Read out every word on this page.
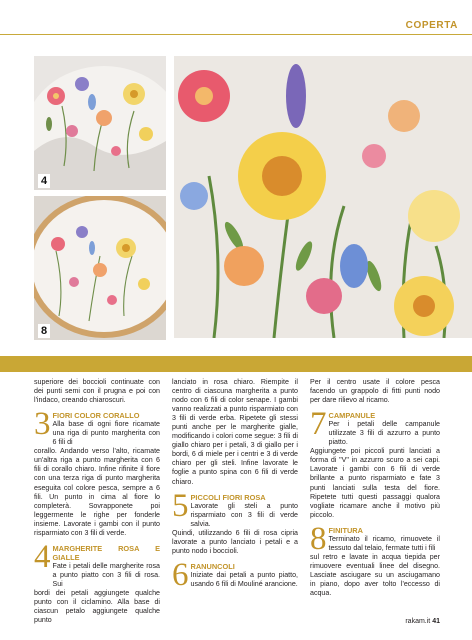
COPERTA
4
8

superiore dei boccioli continuate con dei punti semi con il prugna e poi con l'indaco, creando chiaroscuri.

3 FIORI COLOR CORALLO
Alla base di ogni fiore ricamate una riga di punto margherita con 6 fili di
corallo. Andando verso l'alto, ricamate un'altra riga a punto margherita con 6 fili di corallo chiaro. Infine rifinite il fiore con una terza riga di punto margherita eseguita col colore pesca, sempre a 6 fili. Un punto in cima al fiore lo completerà. Sovrapponete poi leggermente le righe per fonderle insieme. Lavorate i gambi con il punto risparmiato con 3 fili di verde.
4 MARGHERITE ROSA E GIALLE
Fate i petali delle margherite rosa a punto piatto con 3 fili di rosa. Sui
bordi dei petali aggiungete qualche punto con il ciclamino. Alla base di ciascun petalo aggiungete qualche punto

lanciato in rosa chiaro. Riempite il centro di ciascuna margherita a punto nodo con 6 fili di color senape. I gambi vanno realizzati a punto risparmiato con 3 fili di verde erba. Ripetete gli stessi punti anche per le margherite gialle, modificando i colori come segue: 3 fili di giallo chiaro per i petali, 3 di giallo per i bordi, 6 di miele per i centri e 3 di verde chiaro per gli steli. Infine lavorate le foglie a punto spina con 6 fili di verde chiaro.

5 PICCOLI FIORI ROSA
Lavorate gli steli a punto risparmiato con 3 fili di verde salvia.
Quindi, utilizzando 6 fili di rosa cipria lavorate a punto lanciato i petali e a punto nodo i boccioli.
6 RANUNCOLI
Iniziate dai petali a punto piatto, usando 6 fili di Mouliné arancione.

Per il centro usate il colore pesca facendo un grappolo di fitti punti nodo per dare rilievo al ricamo.

7 CAMPANULE
Per i petali delle campanule utilizzate 3 fili di azzurro a punto piatto.
Aggiungete poi piccoli punti lanciati a forma di "V" in azzurro scuro a sei capi. Lavorate i gambi con 6 fili di verde brillante a punto risparmiato e fate 3 punti lanciati sulla testa del fiore. Ripetete tutti questi passaggi qualora vogliate ricamare anche il motivo più piccolo.
8 FINITURA
Terminato il ricamo, rimuovete il tessuto dal telaio, fermate tutti i fili
sul retro e lavate in acqua tiepida per rimuovere eventuali linee del disegno. Lasciate asciugare su un asciugamano in piano, dopo aver tolto l'eccesso di acqua.
rakam.it 41
